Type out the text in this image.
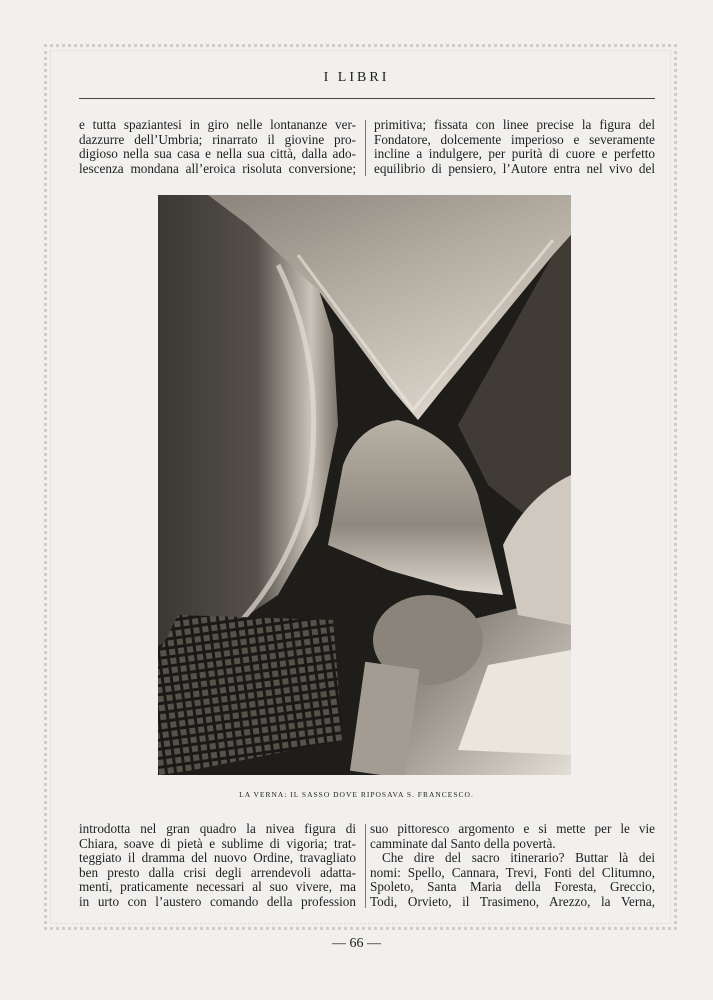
I LIBRI

e tutta spaziantesi in giro nelle lontananze ver-

dazzurre dell’Umbria; rinarrato il giovine pro-

digioso nella sua casa e nella sua città, dalla ado-

lescenza mondana all’eroica risoluta conversione;

primitiva; fissata con linee precise la figura del

Fondatore, dolcemente imperioso e severamente

incline a indulgere, per purità di cuore e perfetto

equilibrio di pensiero, l’Autore entra nel vivo del

LA VERNA: IL SASSO DOVE RIPOSAVA S. FRANCESCO.

introdotta nel gran quadro la nivea figura di

Chiara, soave di pietà e sublime di vigoria; trat-

teggiato il dramma del nuovo Ordine, travagliato

ben presto dalla crisi degli arrendevoli adatta-

menti, praticamente necessari al suo vivere, ma

in urto con l’austero comando della profession

suo pittoresco argomento e si mette per le vie

camminate dal Santo della povertà.

Che dire del sacro itinerario? Buttar là dei

nomi: Spello, Cannara, Trevi, Fonti del Clitumno,

Spoleto, Santa Maria della Foresta, Greccio,

Todi, Orvieto, il Trasimeno, Arezzo, la Verna,

— 66 —
